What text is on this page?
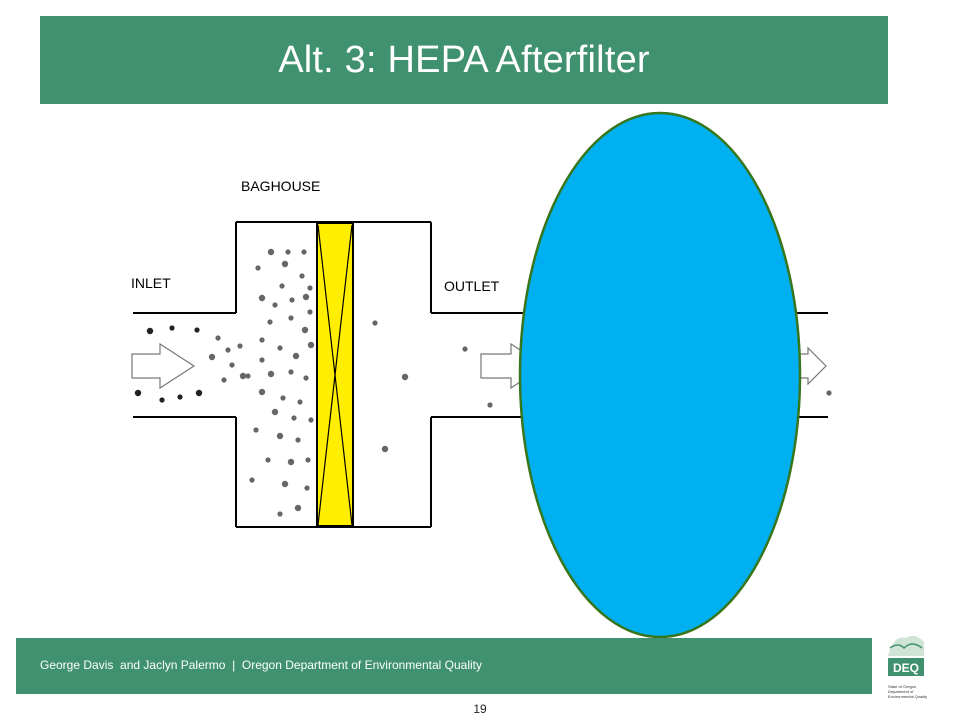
Alt. 3: HEPA Afterfilter
BAGHOUSE
INLET	OUTLET
George Davis  and Jaclyn Palermo  |  Oregon Department of Environmental Quality	DEQ
State of Oregon Department of Environmental Quality
19
